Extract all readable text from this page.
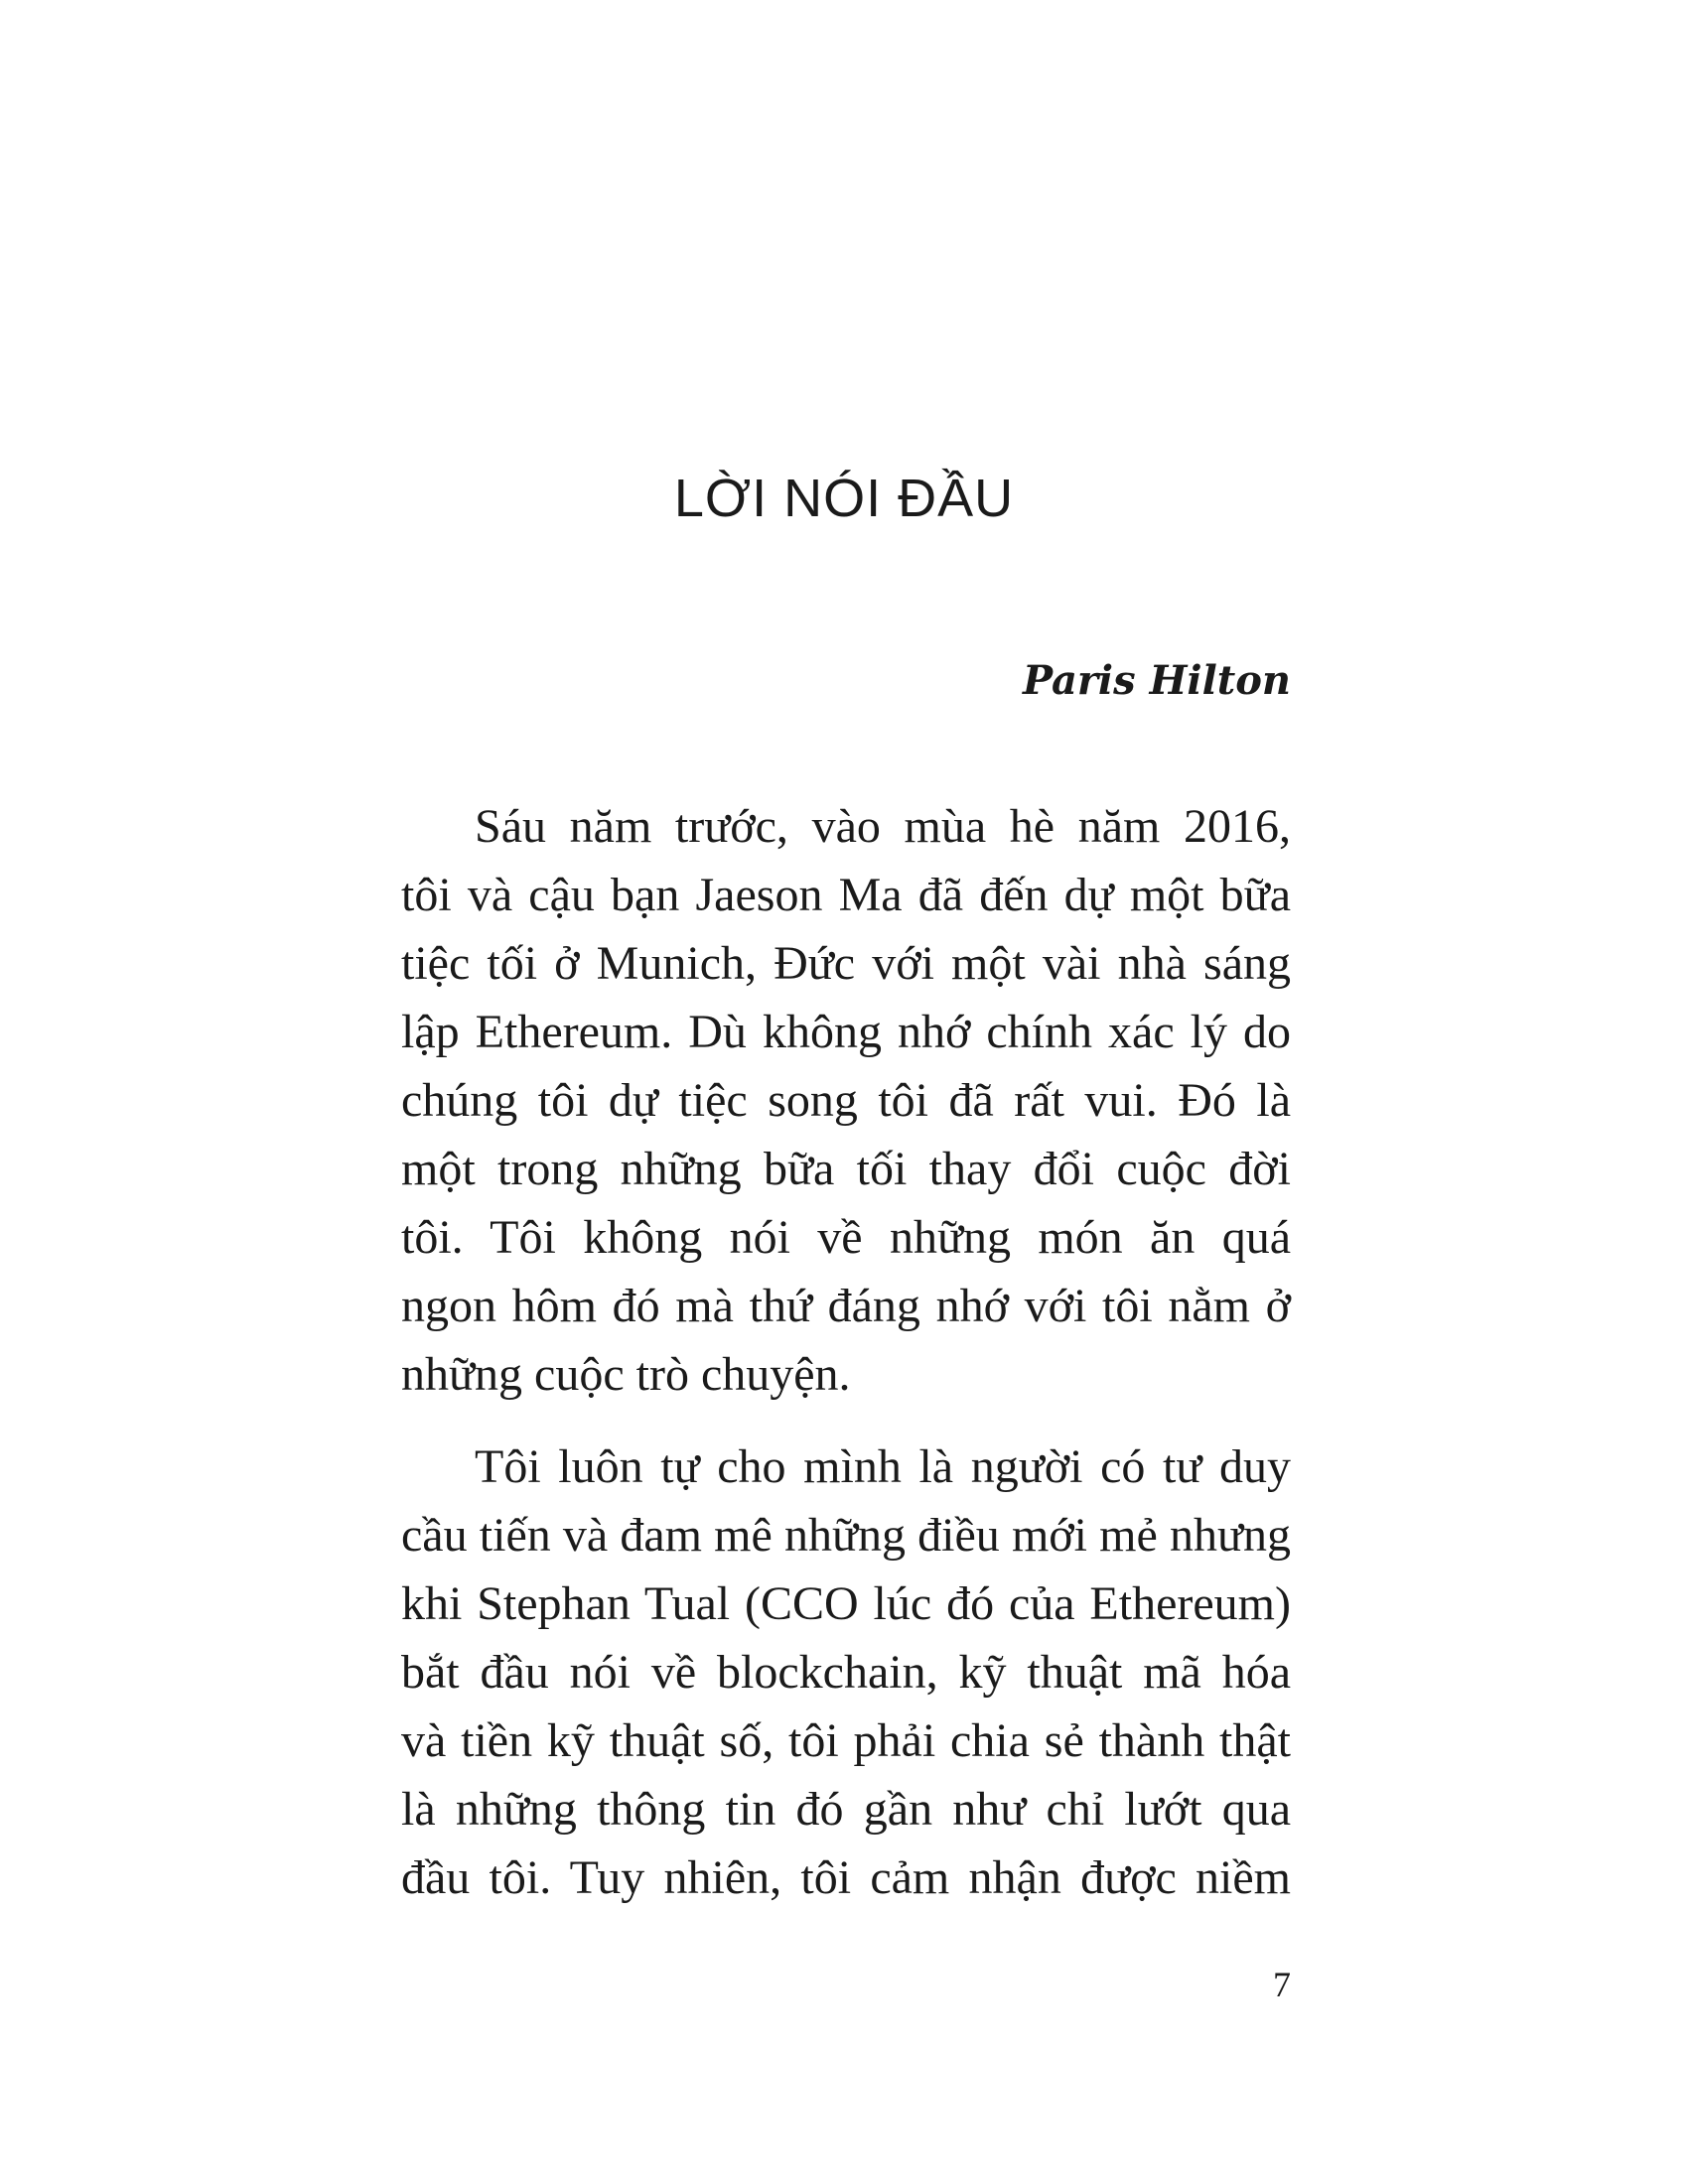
LỜI NÓI ĐẦU

Paris Hilton

Sáu năm trước, vào mùa hè năm 2016,
tôi và cậu bạn Jaeson Ma đã đến dự một bữa
tiệc tối ở Munich, Đức với một vài nhà sáng
lập Ethereum. Dù không nhớ chính xác lý do
chúng tôi dự tiệc song tôi đã rất vui. Đó là
một trong những bữa tối thay đổi cuộc đời
tôi. Tôi không nói về những món ăn quá
ngon hôm đó mà thứ đáng nhớ với tôi nằm ở
những cuộc trò chuyện.

Tôi luôn tự cho mình là người có tư duy
cầu tiến và đam mê những điều mới mẻ nhưng
khi Stephan Tual (CCO lúc đó của Ethereum)
bắt đầu nói về blockchain, kỹ thuật mã hóa
và tiền kỹ thuật số, tôi phải chia sẻ thành thật
là những thông tin đó gần như chỉ lướt qua
đầu tôi. Tuy nhiên, tôi cảm nhận được niềm

7
